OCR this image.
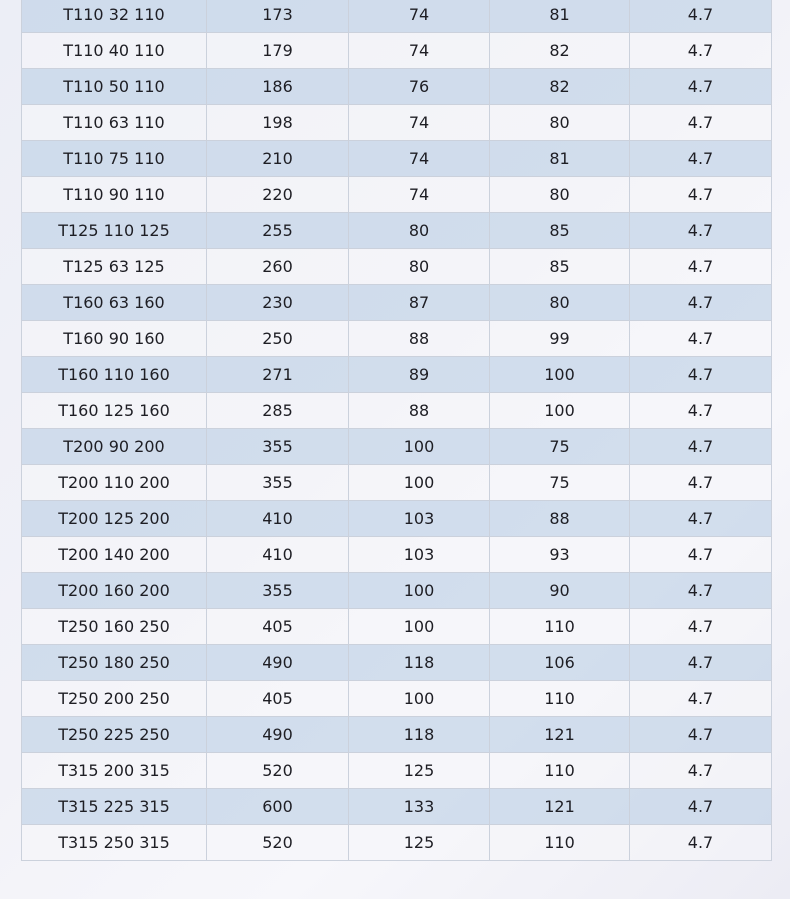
T110 32 110	173	74	81	4.7
T110 40 110	179	74	82	4.7
T110 50 110	186	76	82	4.7
T110 63 110	198	74	80	4.7
T110 75 110	210	74	81	4.7
T110 90 110	220	74	80	4.7
T125 110 125	255	80	85	4.7
T125 63 125	260	80	85	4.7
T160 63 160	230	87	80	4.7
T160 90 160	250	88	99	4.7
T160 110 160	271	89	100	4.7
T160 125 160	285	88	100	4.7
T200 90 200	355	100	75	4.7
T200 110 200	355	100	75	4.7
T200 125 200	410	103	88	4.7
T200 140 200	410	103	93	4.7
T200 160 200	355	100	90	4.7
T250 160 250	405	100	110	4.7
T250 180 250	490	118	106	4.7
T250 200 250	405	100	110	4.7
T250 225 250	490	118	121	4.7
T315 200 315	520	125	110	4.7
T315 225 315	600	133	121	4.7
T315 250 315	520	125	110	4.7
